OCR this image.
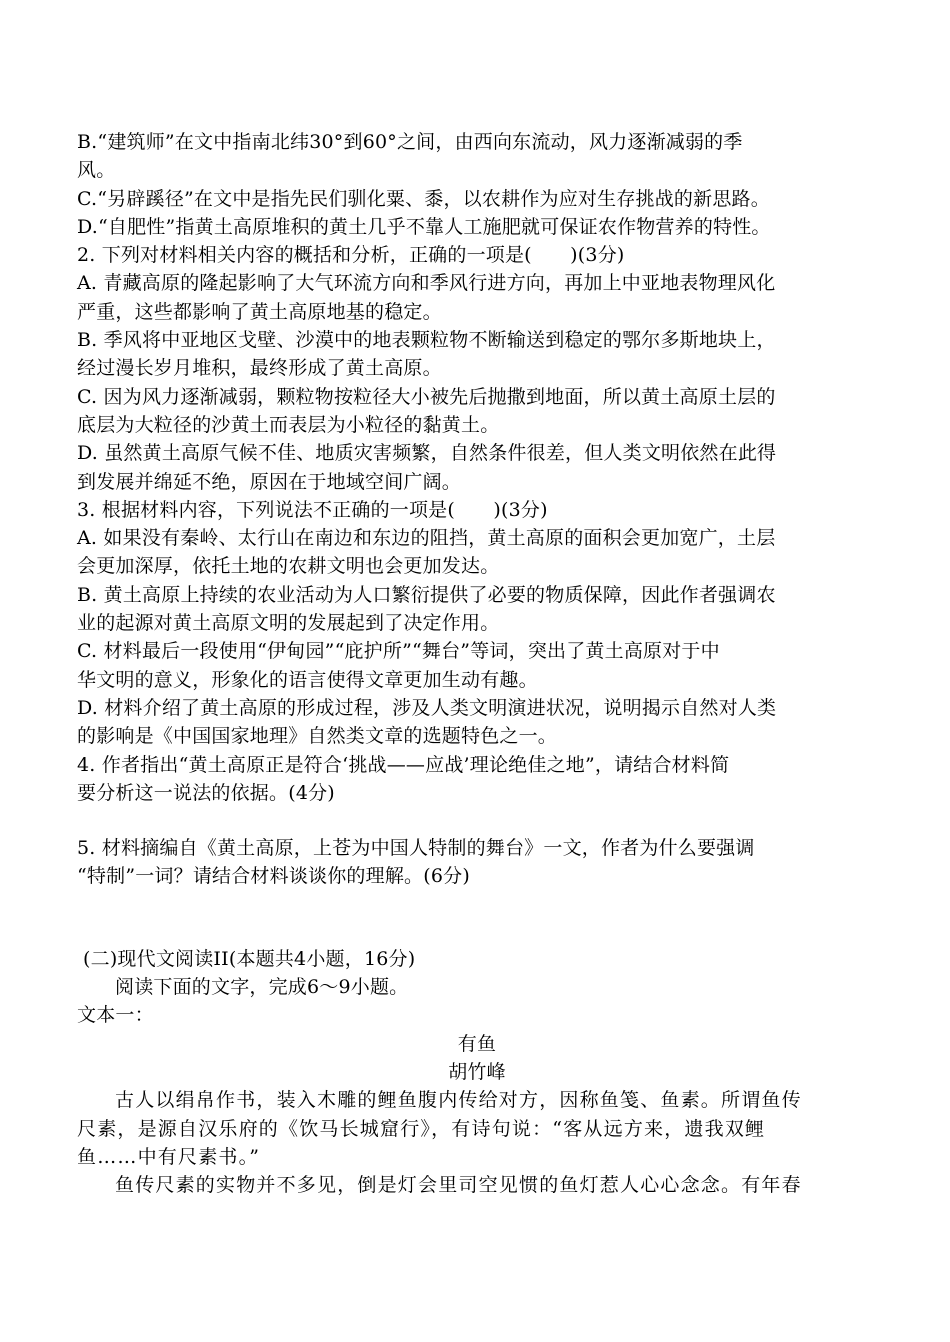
B.“建筑师”在文中指南北纬30°到60°之间，由西向东流动，风力逐渐减弱的季
风。
C.“另辟蹊径”在文中是指先民们驯化粟、黍，以农耕作为应对生存挑战的新思路。
D.“自肥性”指黄土高原堆积的黄土几乎不靠人工施肥就可保证农作物营养的特性。
2. 下列对材料相关内容的概括和分析，正确的一项是(　　)(3分)
A. 青藏高原的隆起影响了大气环流方向和季风行进方向，再加上中亚地表物理风化
严重，这些都影响了黄土高原地基的稳定。
B. 季风将中亚地区戈壁、沙漠中的地表颗粒物不断输送到稳定的鄂尔多斯地块上，
经过漫长岁月堆积，最终形成了黄土高原。
C. 因为风力逐渐减弱，颗粒物按粒径大小被先后抛撒到地面，所以黄土高原土层的
底层为大粒径的沙黄土而表层为小粒径的黏黄土。
D. 虽然黄土高原气候不佳、地质灾害频繁，自然条件很差，但人类文明依然在此得
到发展并绵延不绝，原因在于地域空间广阔。
3. 根据材料内容，下列说法不正确的一项是(　　)(3分)
A. 如果没有秦岭、太行山在南边和东边的阻挡，黄土高原的面积会更加宽广，土层
会更加深厚，依托土地的农耕文明也会更加发达。
B. 黄土高原上持续的农业活动为人口繁衍提供了必要的物质保障，因此作者强调农
业的起源对黄土高原文明的发展起到了决定作用。
C. 材料最后一段使用“伊甸园”“庇护所”“舞台”等词，突出了黄土高原对于中
华文明的意义，形象化的语言使得文章更加生动有趣。
D. 材料介绍了黄土高原的形成过程，涉及人类文明演进状况，说明揭示自然对人类
的影响是《中国国家地理》自然类文章的选题特色之一。
4. 作者指出“黄土高原正是符合‘挑战——应战’理论绝佳之地”，请结合材料简
要分析这一说法的依据。(4分)
5. 材料摘编自《黄土高原，上苍为中国人特制的舞台》一文，作者为什么要强调
“特制”一词？请结合材料谈谈你的理解。(6分)
(二)现代文阅读II(本题共4小题，16分)
阅读下面的文字，完成6～9小题。
文本一：
有鱼
胡竹峰
古人以绢帛作书，装入木雕的鲤鱼腹内传给对方，因称鱼笺、鱼素。所谓鱼传
尺素，是源自汉乐府的《饮马长城窟行》，有诗句说：“客从远方来，遗我双鲤
鱼……中有尺素书。”
鱼传尺素的实物并不多见，倒是灯会里司空见惯的鱼灯惹人心心念念。有年春
